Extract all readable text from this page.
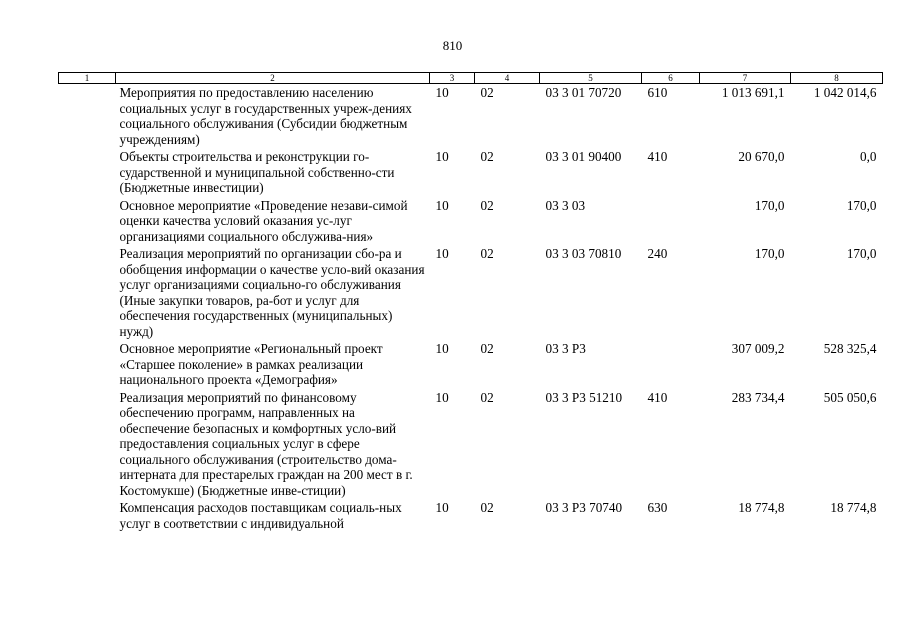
810
1	2	3	4	5	6	7	8
	Мероприятия по предоставлению населению социальных услуг в государственных учреж-дениях социального обслуживания (Субсидии бюджетным учреждениям)	10	02	03 3 01 70720	610	1 013 691,1	1 042 014,6
	Объекты строительства и реконструкции го-сударственной и муниципальной собственно-сти (Бюджетные инвестиции)	10	02	03 3 01 90400	410	20 670,0	0,0
	Основное мероприятие «Проведение незави-симой оценки качества условий оказания ус-луг организациями социального обслужива-ния»	10	02	03 3 03		170,0	170,0
	Реализация мероприятий по организации сбо-ра и обобщения информации о качестве усло-вий оказания услуг организациями социально-го обслуживания (Иные закупки товаров, ра-бот и услуг для обеспечения государственных (муниципальных) нужд)	10	02	03 3 03 70810	240	170,0	170,0
	Основное мероприятие «Региональный проект «Старшее поколение» в рамках реализации национального проекта «Демография»	10	02	03 3 Р3		307 009,2	528 325,4
	Реализация мероприятий по финансовому обеспечению программ, направленных на обеспечение безопасных и комфортных усло-вий предоставления социальных услуг в сфере социального обслуживания (строительство дома-интерната для престарелых граждан на 200 мест в г. Костомукше) (Бюджетные инве-стиции)	10	02	03 3 Р3 51210	410	283 734,4	505 050,6
	Компенсация расходов поставщикам социаль-ных услуг в соответствии с индивидуальной	10	02	03 3 Р3 70740	630	18 774,8	18 774,8
